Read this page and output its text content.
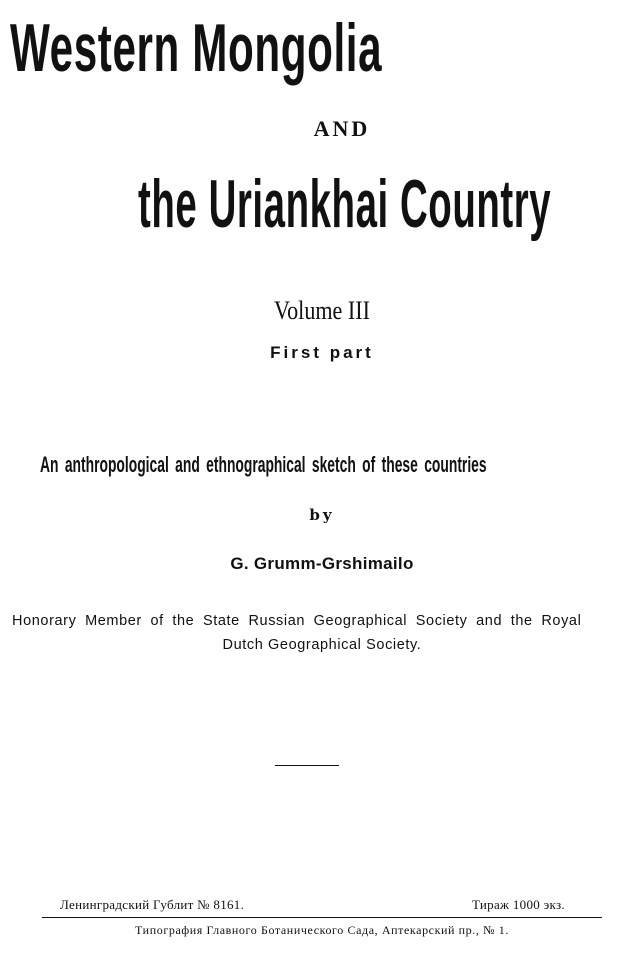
Western Mongolia
AND
the Uriankhai Country
Volume III
First part
An anthropological and ethnographical sketch of these countries
by
G. Grumm-Grshimailo
Honorary Member of the State Russian Geographical Society and the Royal
Dutch Geographical Society.
Ленинградский Гублит № 8161.	Тираж 1000 экз.
Типография Главного Ботанического Сада, Аптекарский пр., № 1.
